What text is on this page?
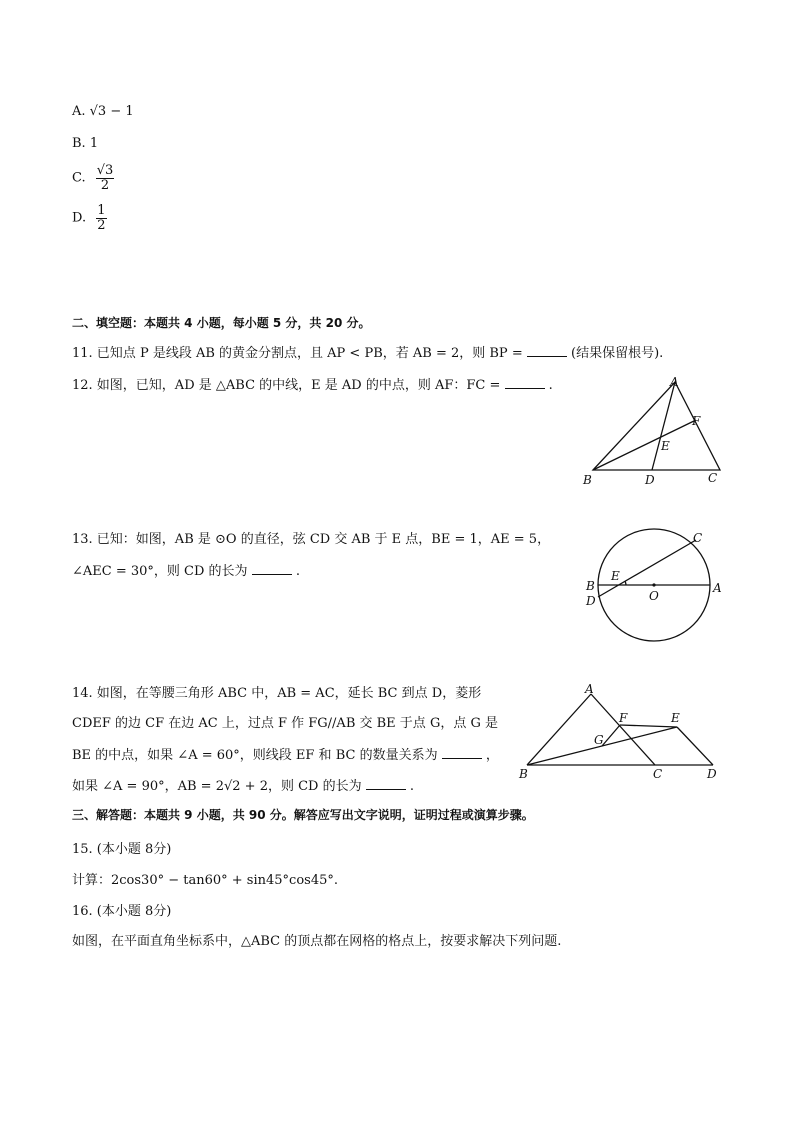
A. √3 − 1
B. 1
C. $\frac{√3}{2}$
D. $\frac{1}{2}$
二、填空题：本题共 4 小题，每小题 5 分，共 20 分。
11. 已知点 P 是线段 AB 的黄金分割点，且 AP < PB，若 AB = 2，则 BP =	(结果保留根号).
12. 如图，已知，AD 是 △ABC 的中线，E 是 AD 的中点，则 AF：FC =	.	A
B	C
D
E
F
13. 已知：如图，AB 是 ⊙O 的直径，弦 CD 交 AB 于 E 点，BE = 1，AE = 5，
∠AEC = 30°，则 CD 的长为	.
C
B
D
E
O
A
14. 如图，在等腰三角形 ABC 中，AB = AC，延长 BC 到点 D，菱形
CDEF 的边 CF 在边 AC 上，过点 F 作 FG//AB 交 BE 于点 G，点 G 是
BE 的中点，如果 ∠A = 60°，则线段 EF 和 BC 的数量关系为	，
如果 ∠A = 90°，AB = 2√2 + 2，则 CD 的长为	.
A
B	C	D
E
F
G
三、解答题：本题共 9 小题，共 90 分。解答应写出文字说明，证明过程或演算步骤。
15. (本小题 8分)
计算：2cos30° − tan60° + sin45°cos45°.
16. (本小题 8分)
如图，在平面直角坐标系中，△ABC 的顶点都在网格的格点上，按要求解决下列问题.
